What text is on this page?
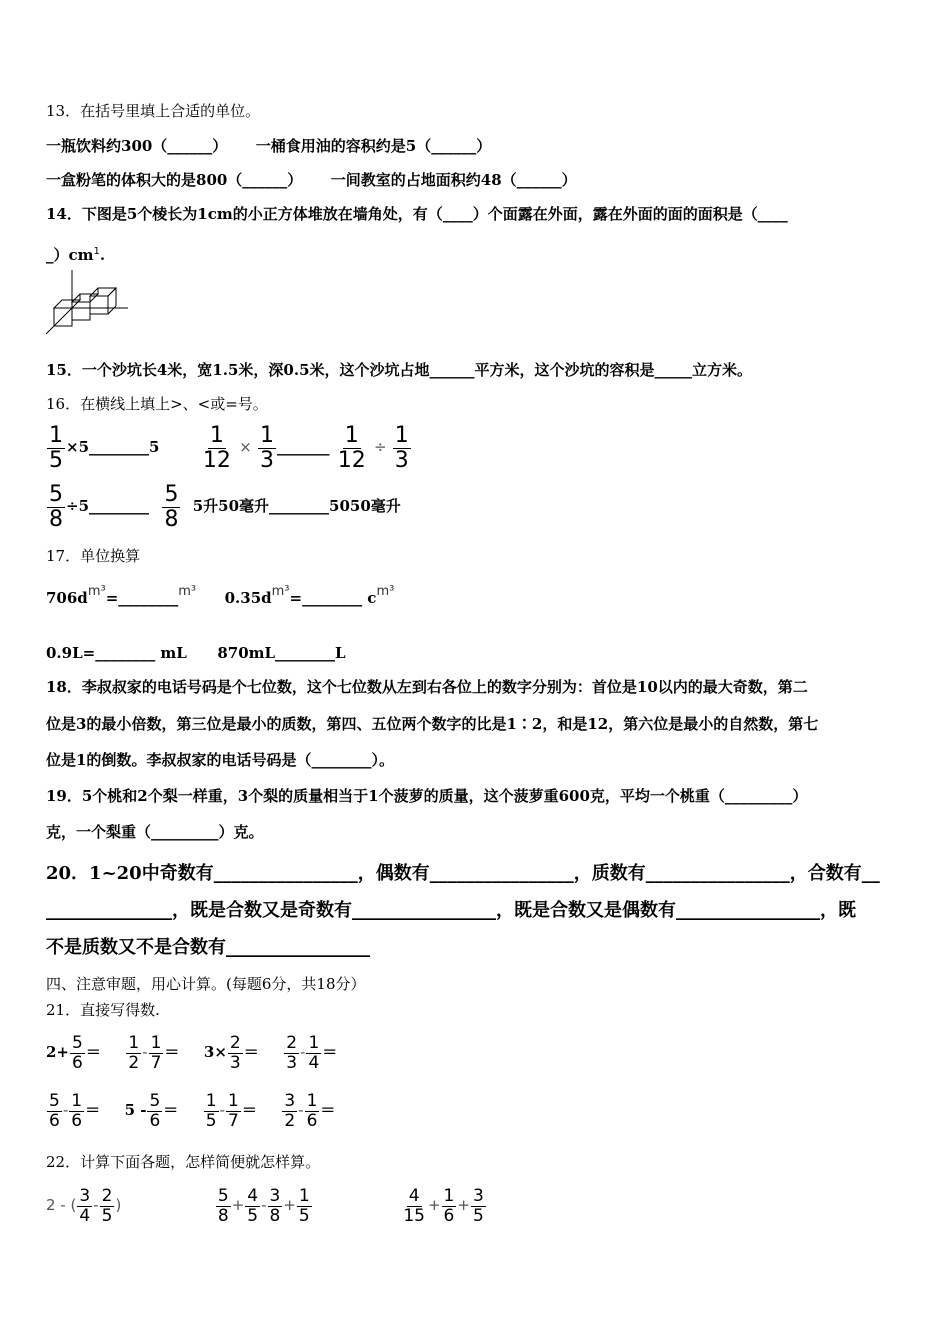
13．在括号里填上合适的单位。
一瓶饮料约300（______） 一桶食用油的容积约是5（______）
一盒粉笔的体积大的是800（______） 一间教室的占地面积约48（______）
14．下图是5个棱长为1cm的小正方体堆放在墙角处，有（____）个面露在外面，露在外面的面的面积是（____
$\_)cm^1$.
15．一个沙坑长4米，宽1.5米，深0.5米，这个沙坑占地______平方米，这个沙坑的容积是_____立方米。
16．在横线上填上>、<或=号。
$\frac{1}{5}$ ×5________5 $\frac{1}{12} \times \frac{1}{3}$ _______ $\frac{1}{12} \div \frac{1}{3}$
$\frac{5}{8}$ ÷5________ $\frac{5}{8} 5$升50毫升________5050毫升
17．单位换算
706dm³=________m³ 0.35dm³=________ cm³
0.9L=________ mL 870mL________L
18．李叔叔家的电话号码是个七位数，这个七位数从左到右各位上的数字分别为：首位是10以内的最大奇数，第二
位是3的最小倍数，第三位是最小的质数，第四、五位两个数字的比是1∶2，和是12，第六位是最小的自然数，第七
位是1的倒数。李叔叔家的电话号码是（________）。
19．5个桃和2个梨一样重，3个梨的质量相当于1个菠萝的质量，这个菠萝重600克，平均一个桃重（_________）
克，一个梨重（_________）克。
20．1~20中奇数有________________，偶数有________________，质数有________________，合数有__
______________，既是合数又是奇数有________________，既是合数又是偶数有________________，既
不是质数又不是合数有________________
四、注意审题，用心计算。(每题6分，共18分）
21．直接写得数.
$2+ \frac{5}{6} = \frac{1}{2} - \frac{1}{7} = 3\times \frac{2}{3} = \frac{2}{3} - \frac{1}{4}$ ＝
$\frac{5}{6} - \frac{1}{6} = 5 - \frac{5}{6} = \frac{1}{5} - \frac{1}{7} = \frac{3}{2} - \frac{1}{6}$ ＝
22．计算下面各题，怎样简便就怎样算。
2 - ( $\frac{3}{4} - \frac{2}{5}$ )	$\frac{5}{8} + \frac{4}{5} - \frac{3}{8} + \frac{1}{5}$
	$\frac{4}{15} + \frac{1}{6} + \frac{3}{5}$
